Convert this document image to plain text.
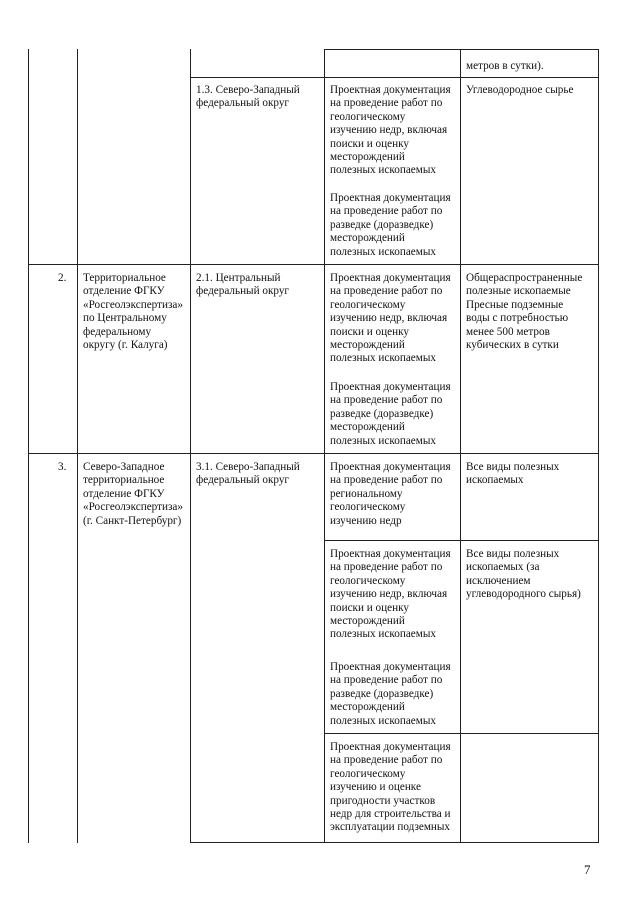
метров в сутки).
1.3. Северо-Западный
федеральный округ
Проектная документация
на проведение работ по
геологическому
изучению недр, включая
поиски и оценку
месторождений
полезных ископаемых
Проектная документация
на проведение работ по
разведке (доразведке)
месторождений
полезных ископаемых
Углеводородное сырье
2.	Территориальное
отделение ФГКУ
«Росгеолэкспертиза»
по Центральному
федеральному
округу (г. Калуга)
2.1. Центральный
федеральный округ
Проектная документация
на проведение работ по
геологическому
изучению недр, включая
поиски и оценку
месторождений
полезных ископаемых
Проектная документация
на проведение работ по
разведке (доразведке)
месторождений
полезных ископаемых
Общераспространенные
полезные ископаемые
Пресные подземные
воды с потребностью
менее 500 метров
кубических в сутки
3.	Северо-Западное
территориальное
отделение ФГКУ
«Росгеолэкспертиза»
(г. Санкт-Петербург)
3.1. Северо-Западный
федеральный округ
Проектная документация
на проведение работ по
региональному
геологическому
изучению недр
Все виды полезных
ископаемых
Проектная документация
на проведение работ по
геологическому
изучению недр, включая
поиски и оценку
месторождений
полезных ископаемых
Проектная документация
на проведение работ по
разведке (доразведке)
месторождений
полезных ископаемых
Все виды полезных
ископаемых (за
исключением
углеводородного сырья)
Проектная документация
на проведение работ по
геологическому
изучению и оценке
пригодности участков
недр для строительства и
эксплуатации подземных
7
